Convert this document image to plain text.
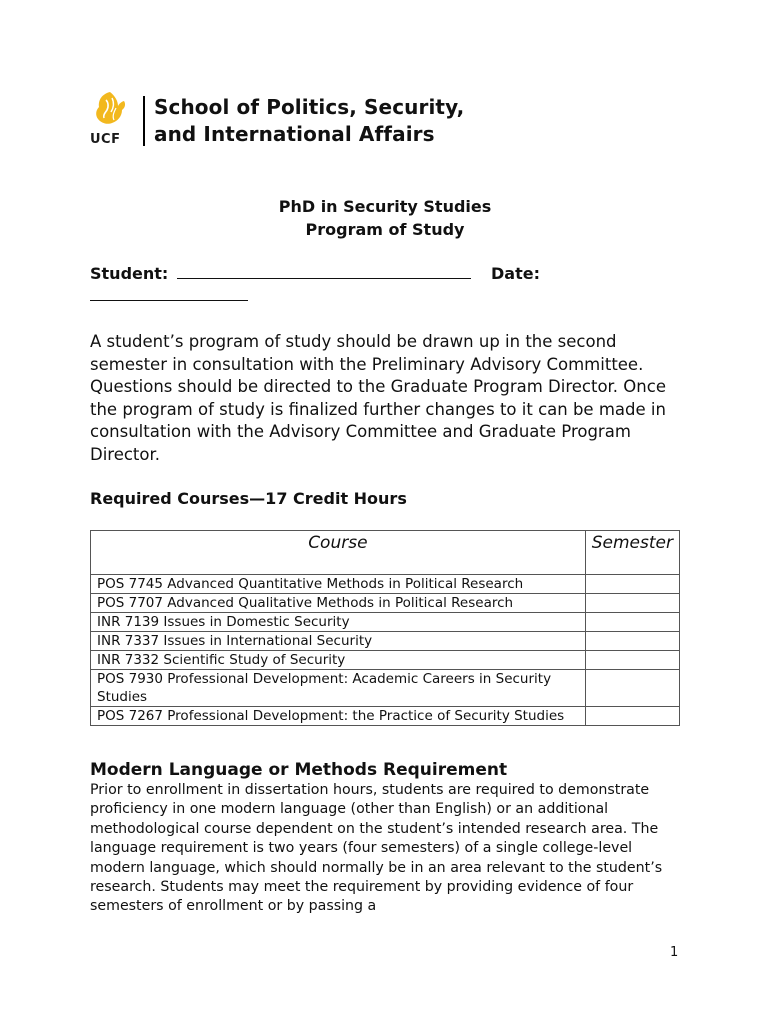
UCF
School of Politics, Security,
and International Affairs
PhD in Security Studies
Program of Study
Student:	Date:
A student’s program of study should be drawn up in the second semester in consultation with the Preliminary Advisory Committee. Questions should be directed to the Graduate Program Director. Once the program of study is finalized further changes to it can be made in consultation with the Advisory Committee and Graduate Program Director.
Required Courses—17 Credit Hours
Course	Semester
POS 7745 Advanced Quantitative Methods in Political Research	
POS 7707 Advanced Qualitative Methods in Political Research	
INR 7139 Issues in Domestic Security	
INR 7337 Issues in International Security	
INR 7332 Scientific Study of Security	
POS 7930 Professional Development: Academic Careers in Security Studies	
POS 7267 Professional Development: the Practice of Security Studies	
Modern Language or Methods Requirement
Prior to enrollment in dissertation hours, students are required to demonstrate proficiency in one modern language (other than English) or an additional methodological course dependent on the student’s intended research area. The language requirement is two years (four semesters) of a single college-level modern language, which should normally be in an area relevant to the student’s research. Students may meet the requirement by providing evidence of four semesters of enrollment or by passing a
1
